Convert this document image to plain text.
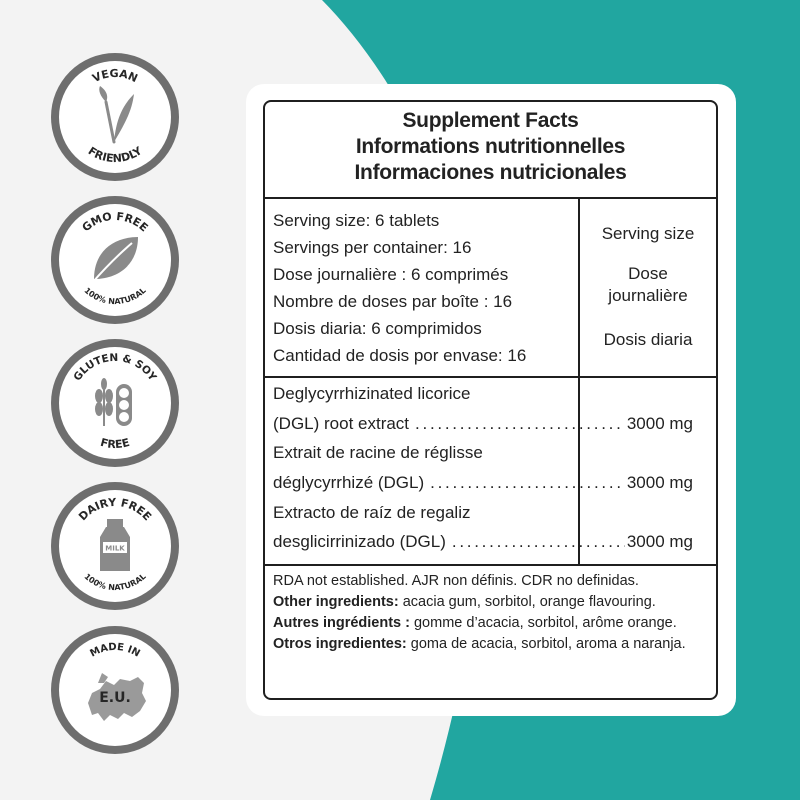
VEGAN
FRIENDLY
GMO FREE
100% NATURAL
GLUTEN & SOY
FREE
DAIRY FREE
100% NATURAL
MILK
MADE IN
E.U.
Supplement Facts
Informations nutritionnelles
Informaciones nutricionales
Serving size: 6 tablets
Servings per container: 16
Dose journalière : 6 comprimés
Nombre de doses par boîte : 16
Dosis diaria: 6 comprimidos
Cantidad de dosis por envase: 16
Serving size
Dose
journalière
Dosis diaria
Deglycyrrhizinated licorice
(DGL) root extract . . .	3000 mg
Extrait de racine de réglisse
déglycyrrhizé (DGL) . . .	3000 mg
Extracto de raíz de regaliz
desglicirrinizado (DGL) . . .	3000 mg
RDA not established. AJR non définis. CDR no definidas.
Other ingredients: acacia gum, sorbitol, orange flavouring.
Autres ingrédients : gomme d’acacia, sorbitol, arôme orange. Otros ingredientes: goma de acacia, sorbitol, aroma a naranja.
